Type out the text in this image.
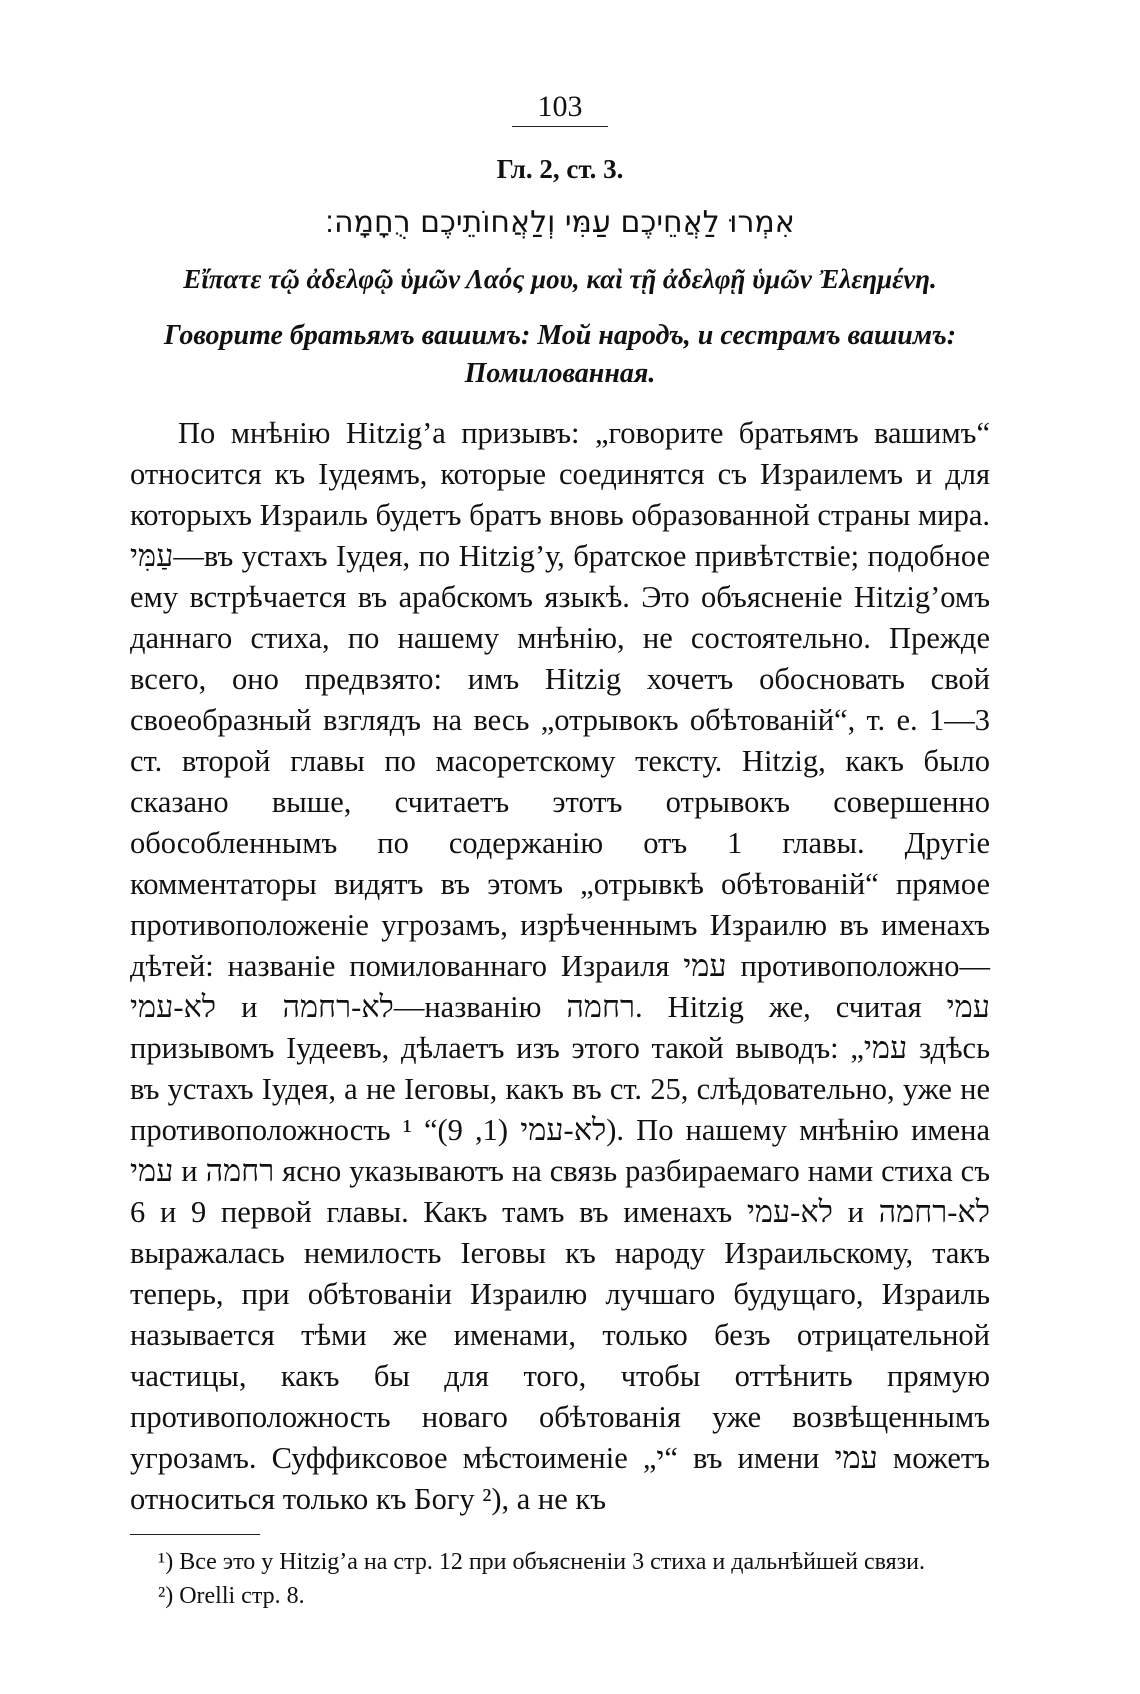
103
Гл. 2, ст. 3.
אִמְרוּ לַאֲחֵיכֶם עַמִּי וְלַאֲחוֹתֵיכֶם רֻחָמָה׃
Εἴπατε τῷ ἀδελφῷ ὑμῶν Λαός μου, καὶ τῇ ἀδελφῇ ὑμῶν Ἐλεημένη.
Говорите братьямъ вашимъ: Мой народъ, и сестрамъ вашимъ:
Помилованная.

По мнѣнію Hitzig’a призывъ: „говорите братьямъ вашимъ“ относится къ Іудеямъ, которые соединятся съ Израилемъ и для которыхъ Израиль будетъ братъ вновь образованной страны мира. עַמִּי—въ устахъ Іудея, по Hitzig’у, братское привѣтствіе; подобное ему встрѣчается въ арабскомъ языкѣ. Это объясненіе Hitzig’омъ даннаго стиха, по нашему мнѣнію, не состоятельно. Прежде всего, оно предвзято: имъ Hitzig хочетъ обосновать свой своеобразный взглядъ на весь „отрывокъ обѣтованій“, т. е. 1—3 ст. второй главы по масоретскому тексту. Hitzig, какъ было сказано выше, считаетъ этотъ отрывокъ совершенно обособленнымъ по содержанію отъ 1 главы. Другіе комментаторы видятъ въ этомъ „отрывкѣ обѣтованій“ прямое противоположеніе угрозамъ, изрѣченнымъ Израилю въ именахъ дѣтей: названіе помилованнаго Израиля עמי противоположно—לא-עמי и לא-רחמה—названію רחמה. Hitzig же, считая עמי призывомъ Іудеевъ, дѣлаетъ изъ этого такой выводъ: „עמי здѣсь въ устахъ Іудея, а не Іеговы, какъ въ ст. 25, слѣдовательно, уже не противоположность לא-עמי (1, 9)“ ¹). По нашему мнѣнію имена עמי и רחמה ясно указываютъ на связь разбираемаго нами стиха съ 6 и 9 первой главы. Какъ тамъ въ именахъ לא-עמי и לא-רחמה выражалась немилость Іеговы къ народу Израильскому, такъ теперь, при обѣтованіи Израилю лучшаго будущаго, Израиль называется тѣми же именами, только безъ отрицательной частицы, какъ бы для того, чтобы оттѣнить прямую противоположность новаго обѣтованія уже возвѣщеннымъ угрозамъ. Суффиксовое мѣстоименіе „י“ въ имени עמי можетъ относиться только къ Богу ²), а не къ

¹) Все это у Hitzig’a на стр. 12 при объясненіи 3 стиха и дальнѣйшей связи.

²) Orelli стр. 8.
